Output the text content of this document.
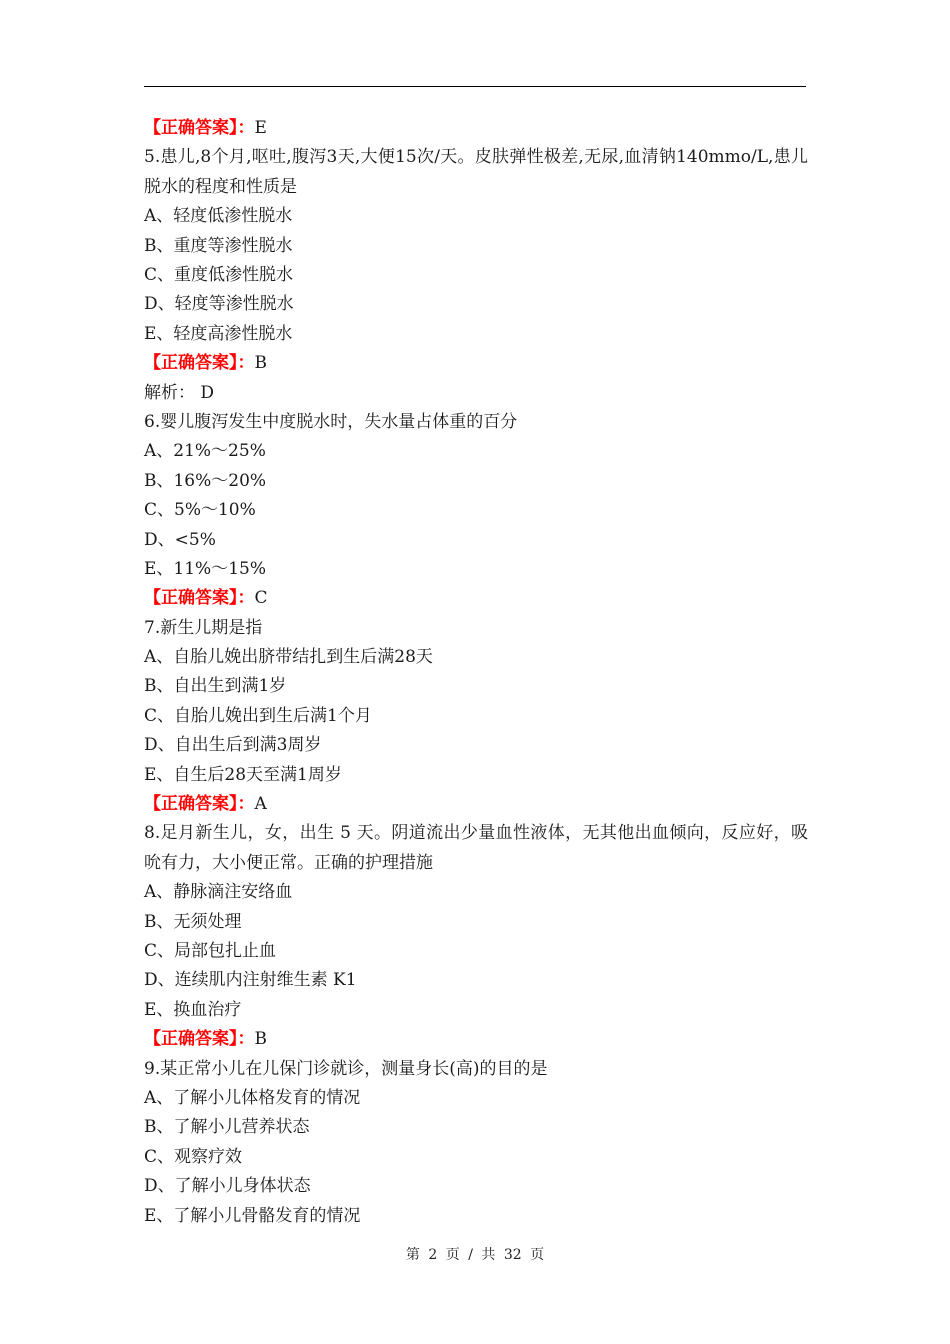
【正确答案】：E
5.患儿,8个月,呕吐,腹泻3天,大便15次/天。皮肤弹性极差,无尿,血清钠140mmo/L,患儿脱水的程度和性质是
A、轻度低渗性脱水
B、重度等渗性脱水
C、重度低渗性脱水
D、轻度等渗性脱水
E、轻度高渗性脱水
【正确答案】：B
解析： D
6.婴儿腹泻发生中度脱水时，失水量占体重的百分
A、21%～25%
B、16%～20%
C、5%～10%
D、<5%
E、11%～15%
【正确答案】：C
7.新生儿期是指
A、自胎儿娩出脐带结扎到生后满28天
B、自出生到满1岁
C、自胎儿娩出到生后满1个月
D、自出生后到满3周岁
E、自生后28天至满1周岁
【正确答案】：A
8.足月新生儿，女，出生 5 天。阴道流出少量血性液体，无其他出血倾向，反应好，吸吮有力，大小便正常。正确的护理措施
A、静脉滴注安络血
B、无须处理
C、局部包扎止血
D、连续肌内注射维生素 K1
E、换血治疗
【正确答案】：B
9.某正常小儿在儿保门诊就诊，测量身长(高)的目的是
A、了解小儿体格发育的情况
B、了解小儿营养状态
C、观察疗效
D、了解小儿身体状态
E、了解小儿骨骼发育的情况
第 2 页 / 共 32 页
